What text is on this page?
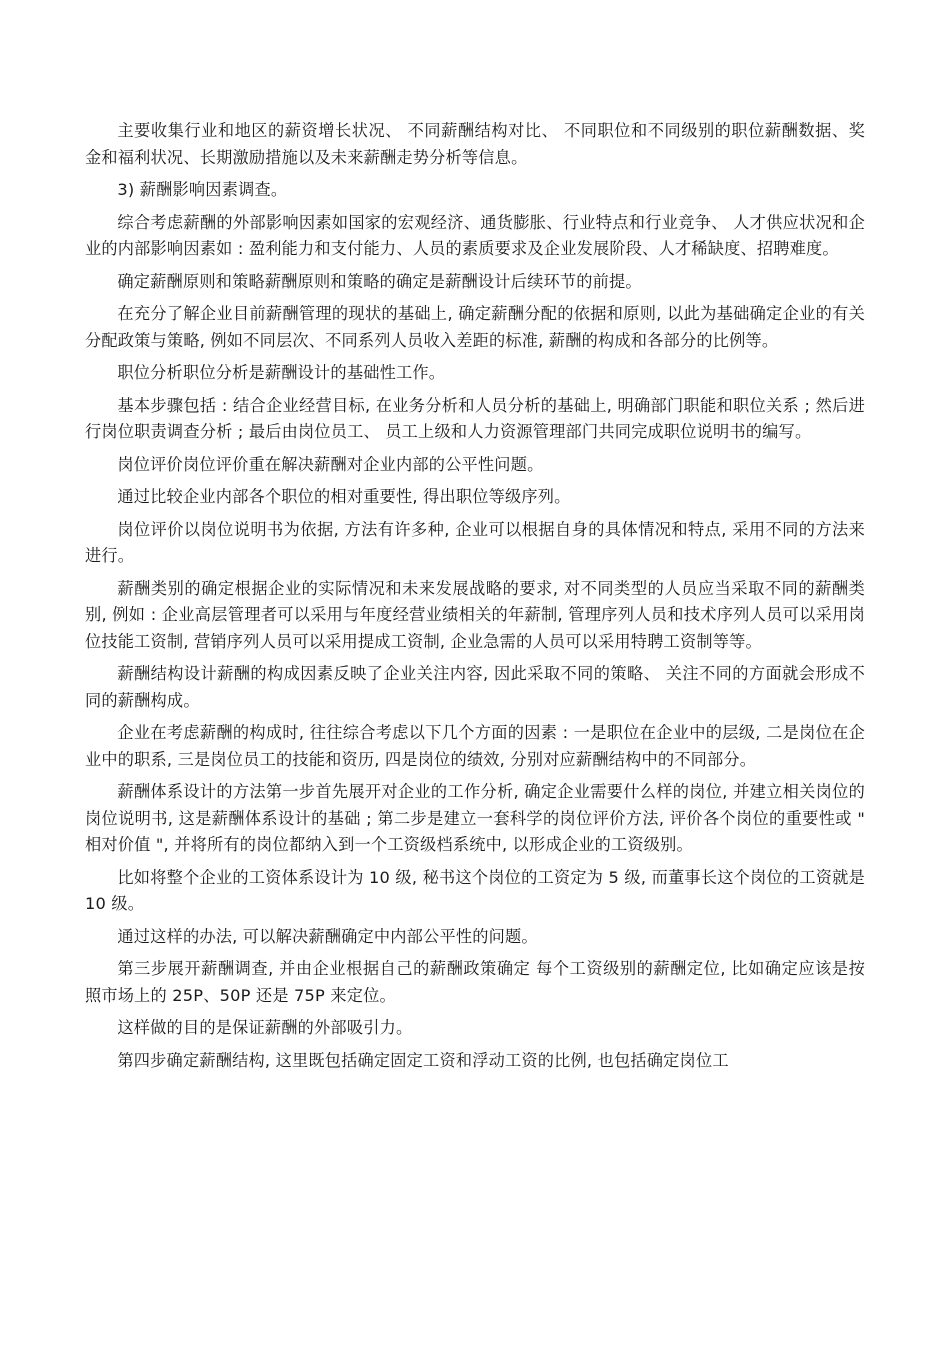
主要收集行业和地区的薪资增长状况、 不同薪酬结构对比、 不同职位和不同级别的职位薪酬数据、奖金和福利状况、长期激励措施以及未来薪酬走势分析等信息。

3) 薪酬影响因素调查。

综合考虑薪酬的外部影响因素如国家的宏观经济、通货膨胀、行业特点和行业竞争、 人才供应状况和企业的内部影响因素如 : 盈利能力和支付能力、人员的素质要求及企业发展阶段、人才稀缺度、招聘难度。

确定薪酬原则和策略薪酬原则和策略的确定是薪酬设计后续环节的前提。

在充分了解企业目前薪酬管理的现状的基础上, 确定薪酬分配的依据和原则, 以此为基础确定企业的有关分配政策与策略, 例如不同层次、不同系列人员收入差距的标准, 薪酬的构成和各部分的比例等。

职位分析职位分析是薪酬设计的基础性工作。

基本步骤包括 : 结合企业经营目标, 在业务分析和人员分析的基础上, 明确部门职能和职位关系 ; 然后进行岗位职责调查分析 ; 最后由岗位员工、 员工上级和人力资源管理部门共同完成职位说明书的编写。

岗位评价岗位评价重在解决薪酬对企业内部的公平性问题。

通过比较企业内部各个职位的相对重要性, 得出职位等级序列。

岗位评价以岗位说明书为依据, 方法有许多种, 企业可以根据自身的具体情况和特点, 采用不同的方法来进行。

薪酬类别的确定根据企业的实际情况和未来发展战略的要求, 对不同类型的人员应当采取不同的薪酬类别, 例如 : 企业高层管理者可以采用与年度经营业绩相关的年薪制, 管理序列人员和技术序列人员可以采用岗位技能工资制, 营销序列人员可以采用提成工资制, 企业急需的人员可以采用特聘工资制等等。

薪酬结构设计薪酬的构成因素反映了企业关注内容, 因此采取不同的策略、 关注不同的方面就会形成不同的薪酬构成。

企业在考虑薪酬的构成时, 往往综合考虑以下几个方面的因素 : 一是职位在企业中的层级, 二是岗位在企业中的职系, 三是岗位员工的技能和资历, 四是岗位的绩效, 分别对应薪酬结构中的不同部分。

薪酬体系设计的方法第一步首先展开对企业的工作分析, 确定企业需要什么样的岗位, 并建立相关岗位的岗位说明书, 这是薪酬体系设计的基础 ; 第二步是建立一套科学的岗位评价方法, 评价各个岗位的重要性或 " 相对价值 ", 并将所有的岗位都纳入到一个工资级档系统中, 以形成企业的工资级别。

比如将整个企业的工资体系设计为 10 级, 秘书这个岗位的工资定为 5 级, 而董事长这个岗位的工资就是 10 级。

通过这样的办法, 可以解决薪酬确定中内部公平性的问题。

第三步展开薪酬调查, 并由企业根据自己的薪酬政策确定 每个工资级别的薪酬定位, 比如确定应该是按照市场上的 25P、50P 还是 75P 来定位。

这样做的目的是保证薪酬的外部吸引力。

第四步确定薪酬结构, 这里既包括确定固定工资和浮动工资的比例, 也包括确定岗位工
